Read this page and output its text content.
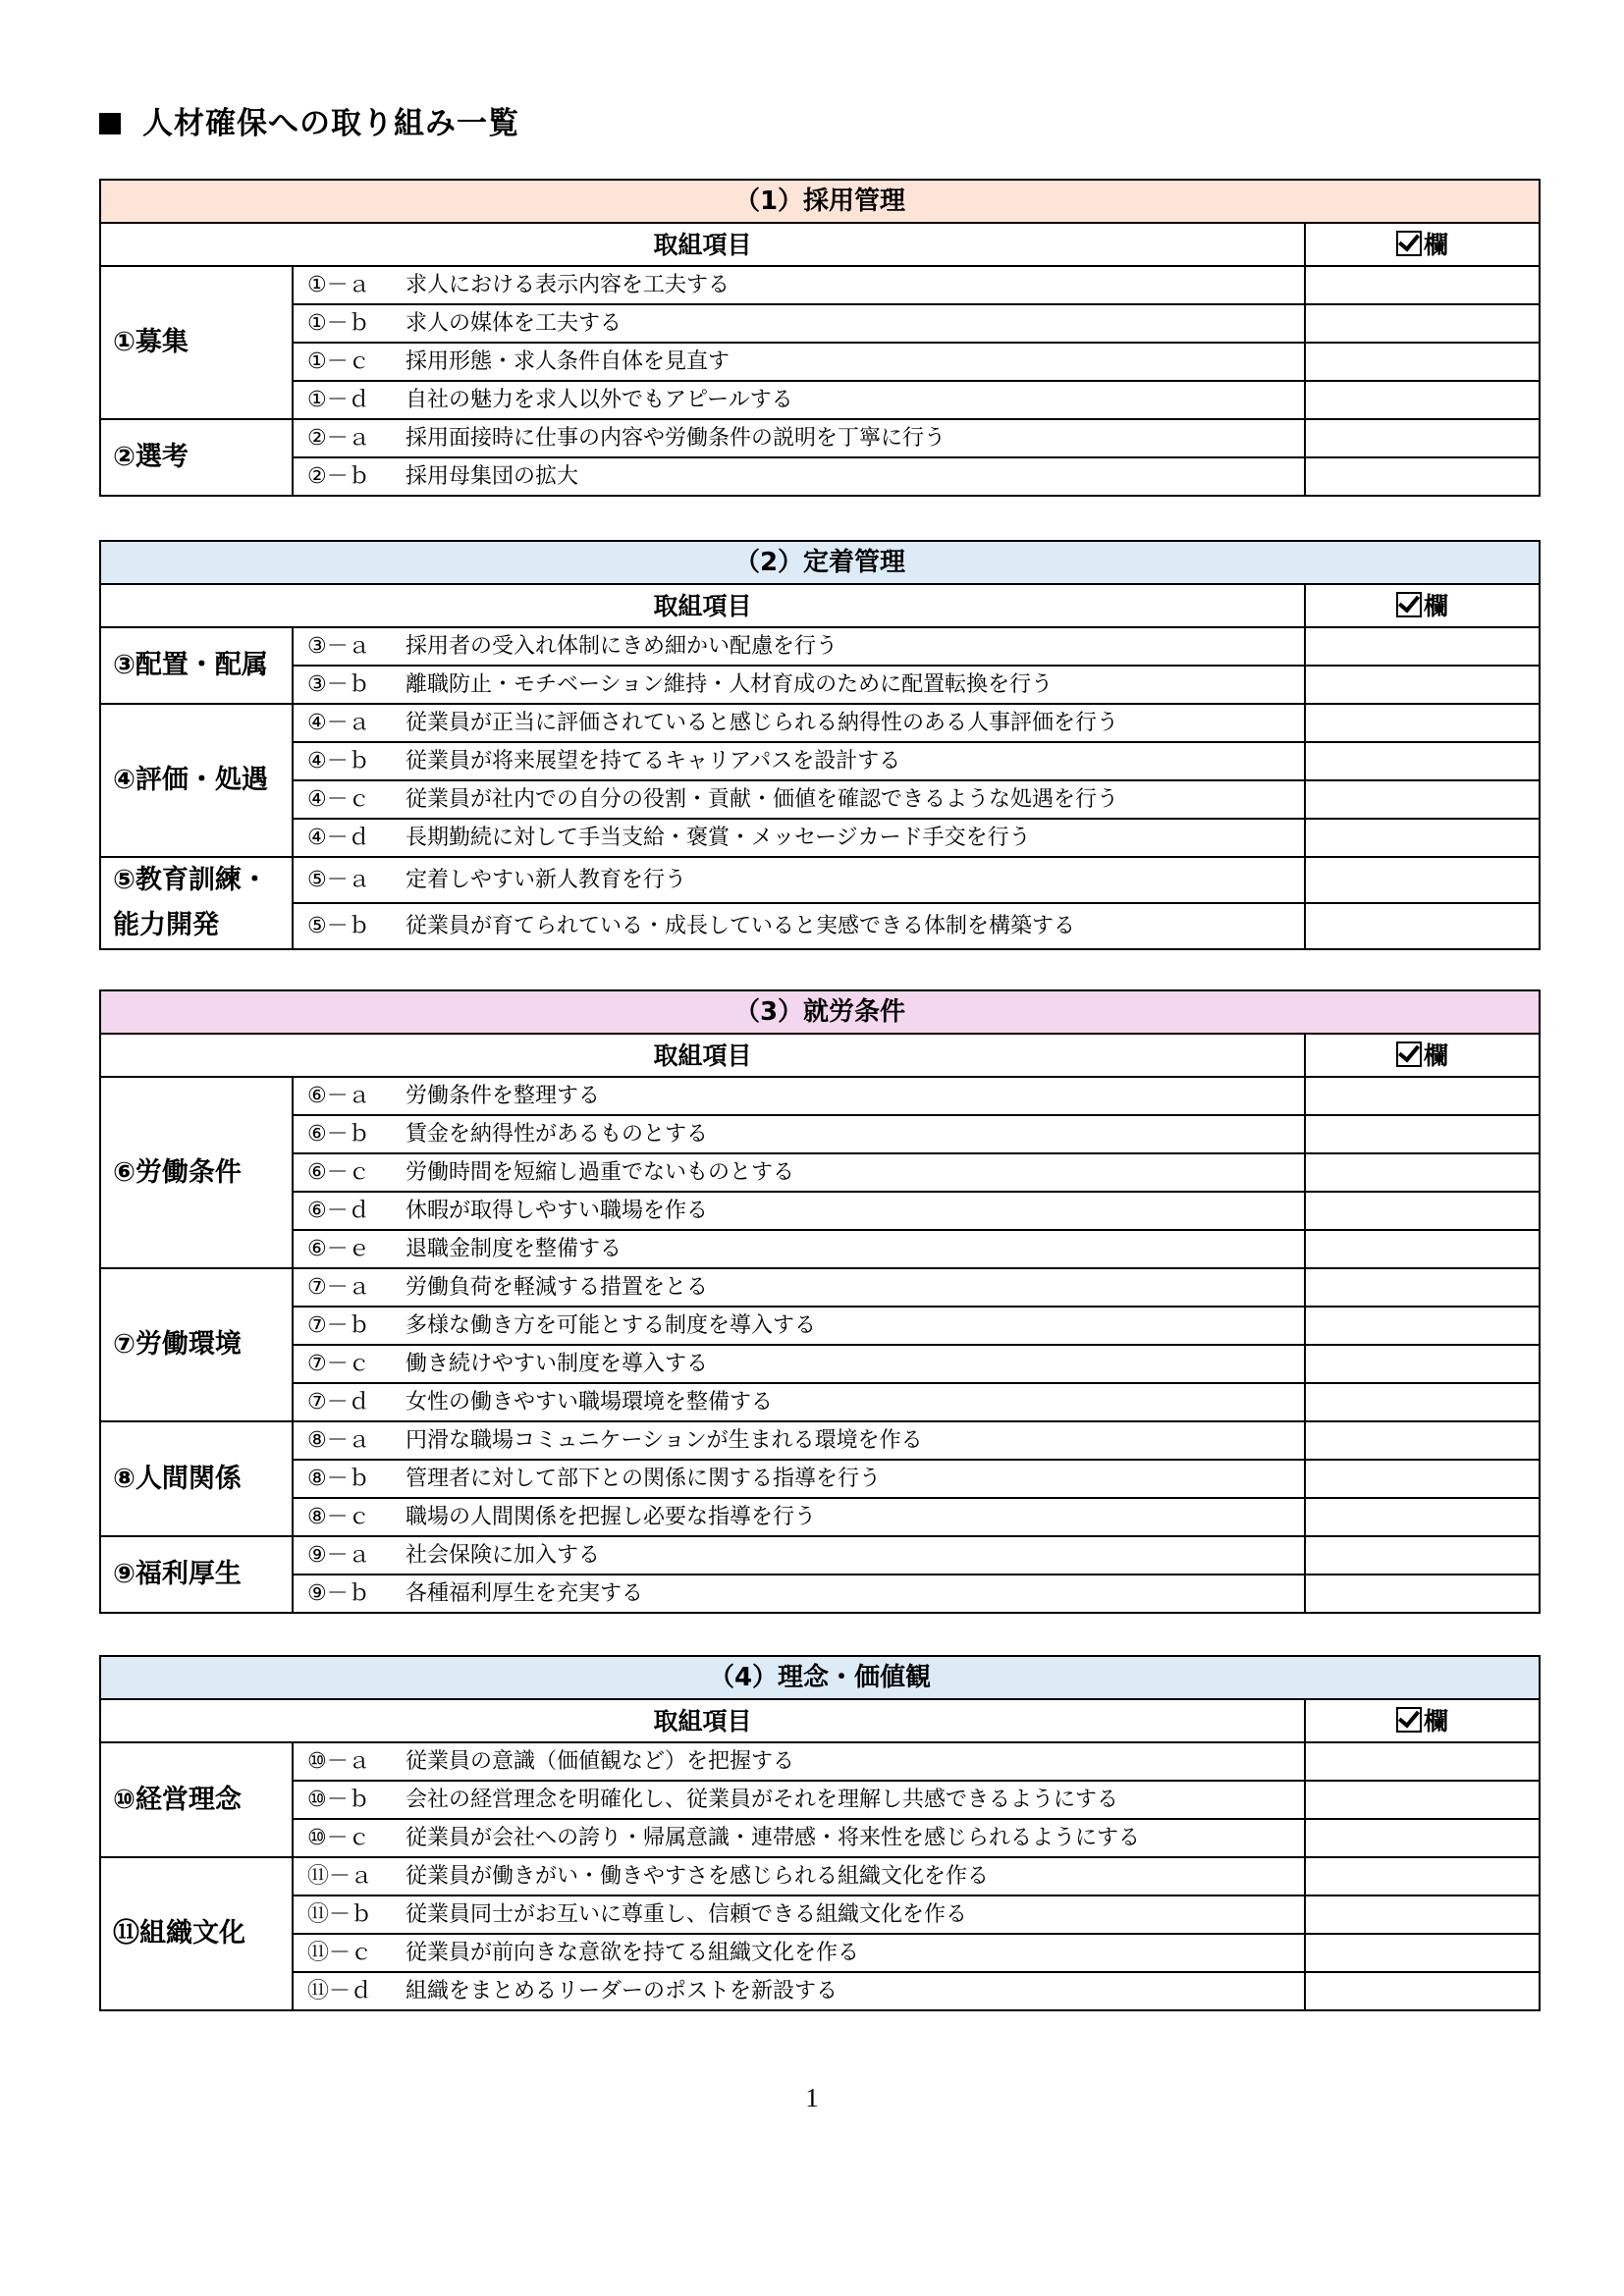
人材確保への取り組み一覧
（1）採用管理		
取組項目		欄

①募集	①－ａ 求人における表示内容を工夫する	
	①－ｂ 求人の媒体を工夫する	
	①－ｃ 採用形態・求人条件自体を見直す	
	①－ｄ 自社の魅力を求人以外でもアピールする	

②選考	②－ａ 採用面接時に仕事の内容や労働条件の説明を丁寧に行う	
	②－ｂ 採用母集団の拡大	
（2）定着管理		
取組項目		欄

③配置・配属	③－ａ 採用者の受入れ体制にきめ細かい配慮を行う	
	③－ｂ 離職防止・モチベーション維持・人材育成のために配置転換を行う	

④評価・処遇	④－ａ 従業員が正当に評価されていると感じられる納得性のある人事評価を行う	
	④－ｂ 従業員が将来展望を持てるキャリアパスを設計する	
	④－ｃ 従業員が社内での自分の役割・貢献・価値を確認できるような処遇を行う	
	④－ｄ 長期勤続に対して手当支給・褒賞・メッセージカード手交を行う	

⑤教育訓練・
能力開発	⑤－ａ 定着しやすい新人教育を行う	
	⑤－ｂ 従業員が育てられている・成長していると実感できる体制を構築する	
（3）就労条件		
取組項目		欄

⑥労働条件	⑥－ａ 労働条件を整理する	
	⑥－ｂ 賃金を納得性があるものとする	
	⑥－ｃ 労働時間を短縮し過重でないものとする	
	⑥－ｄ 休暇が取得しやすい職場を作る	
	⑥－ｅ 退職金制度を整備する	

⑦労働環境	⑦－ａ 労働負荷を軽減する措置をとる	
	⑦－ｂ 多様な働き方を可能とする制度を導入する	
	⑦－ｃ 働き続けやすい制度を導入する	
	⑦－ｄ 女性の働きやすい職場環境を整備する	

⑧人間関係	⑧－ａ 円滑な職場コミュニケーションが生まれる環境を作る	
	⑧－ｂ 管理者に対して部下との関係に関する指導を行う	
	⑧－ｃ 職場の人間関係を把握し必要な指導を行う	

⑨福利厚生	⑨－ａ 社会保険に加入する	
	⑨－ｂ 各種福利厚生を充実する	
（4）理念・価値観		
取組項目		欄

⑩経営理念	⑩－ａ 従業員の意識（価値観など）を把握する	
	⑩－ｂ 会社の経営理念を明確化し、従業員がそれを理解し共感できるようにする	
	⑩－ｃ 従業員が会社への誇り・帰属意識・連帯感・将来性を感じられるようにする	

⑪組織文化	⑪－ａ 従業員が働きがい・働きやすさを感じられる組織文化を作る	
	⑪－ｂ 従業員同士がお互いに尊重し、信頼できる組織文化を作る	
	⑪－ｃ 従業員が前向きな意欲を持てる組織文化を作る	
	⑪－ｄ 組織をまとめるリーダーのポストを新設する	
1
